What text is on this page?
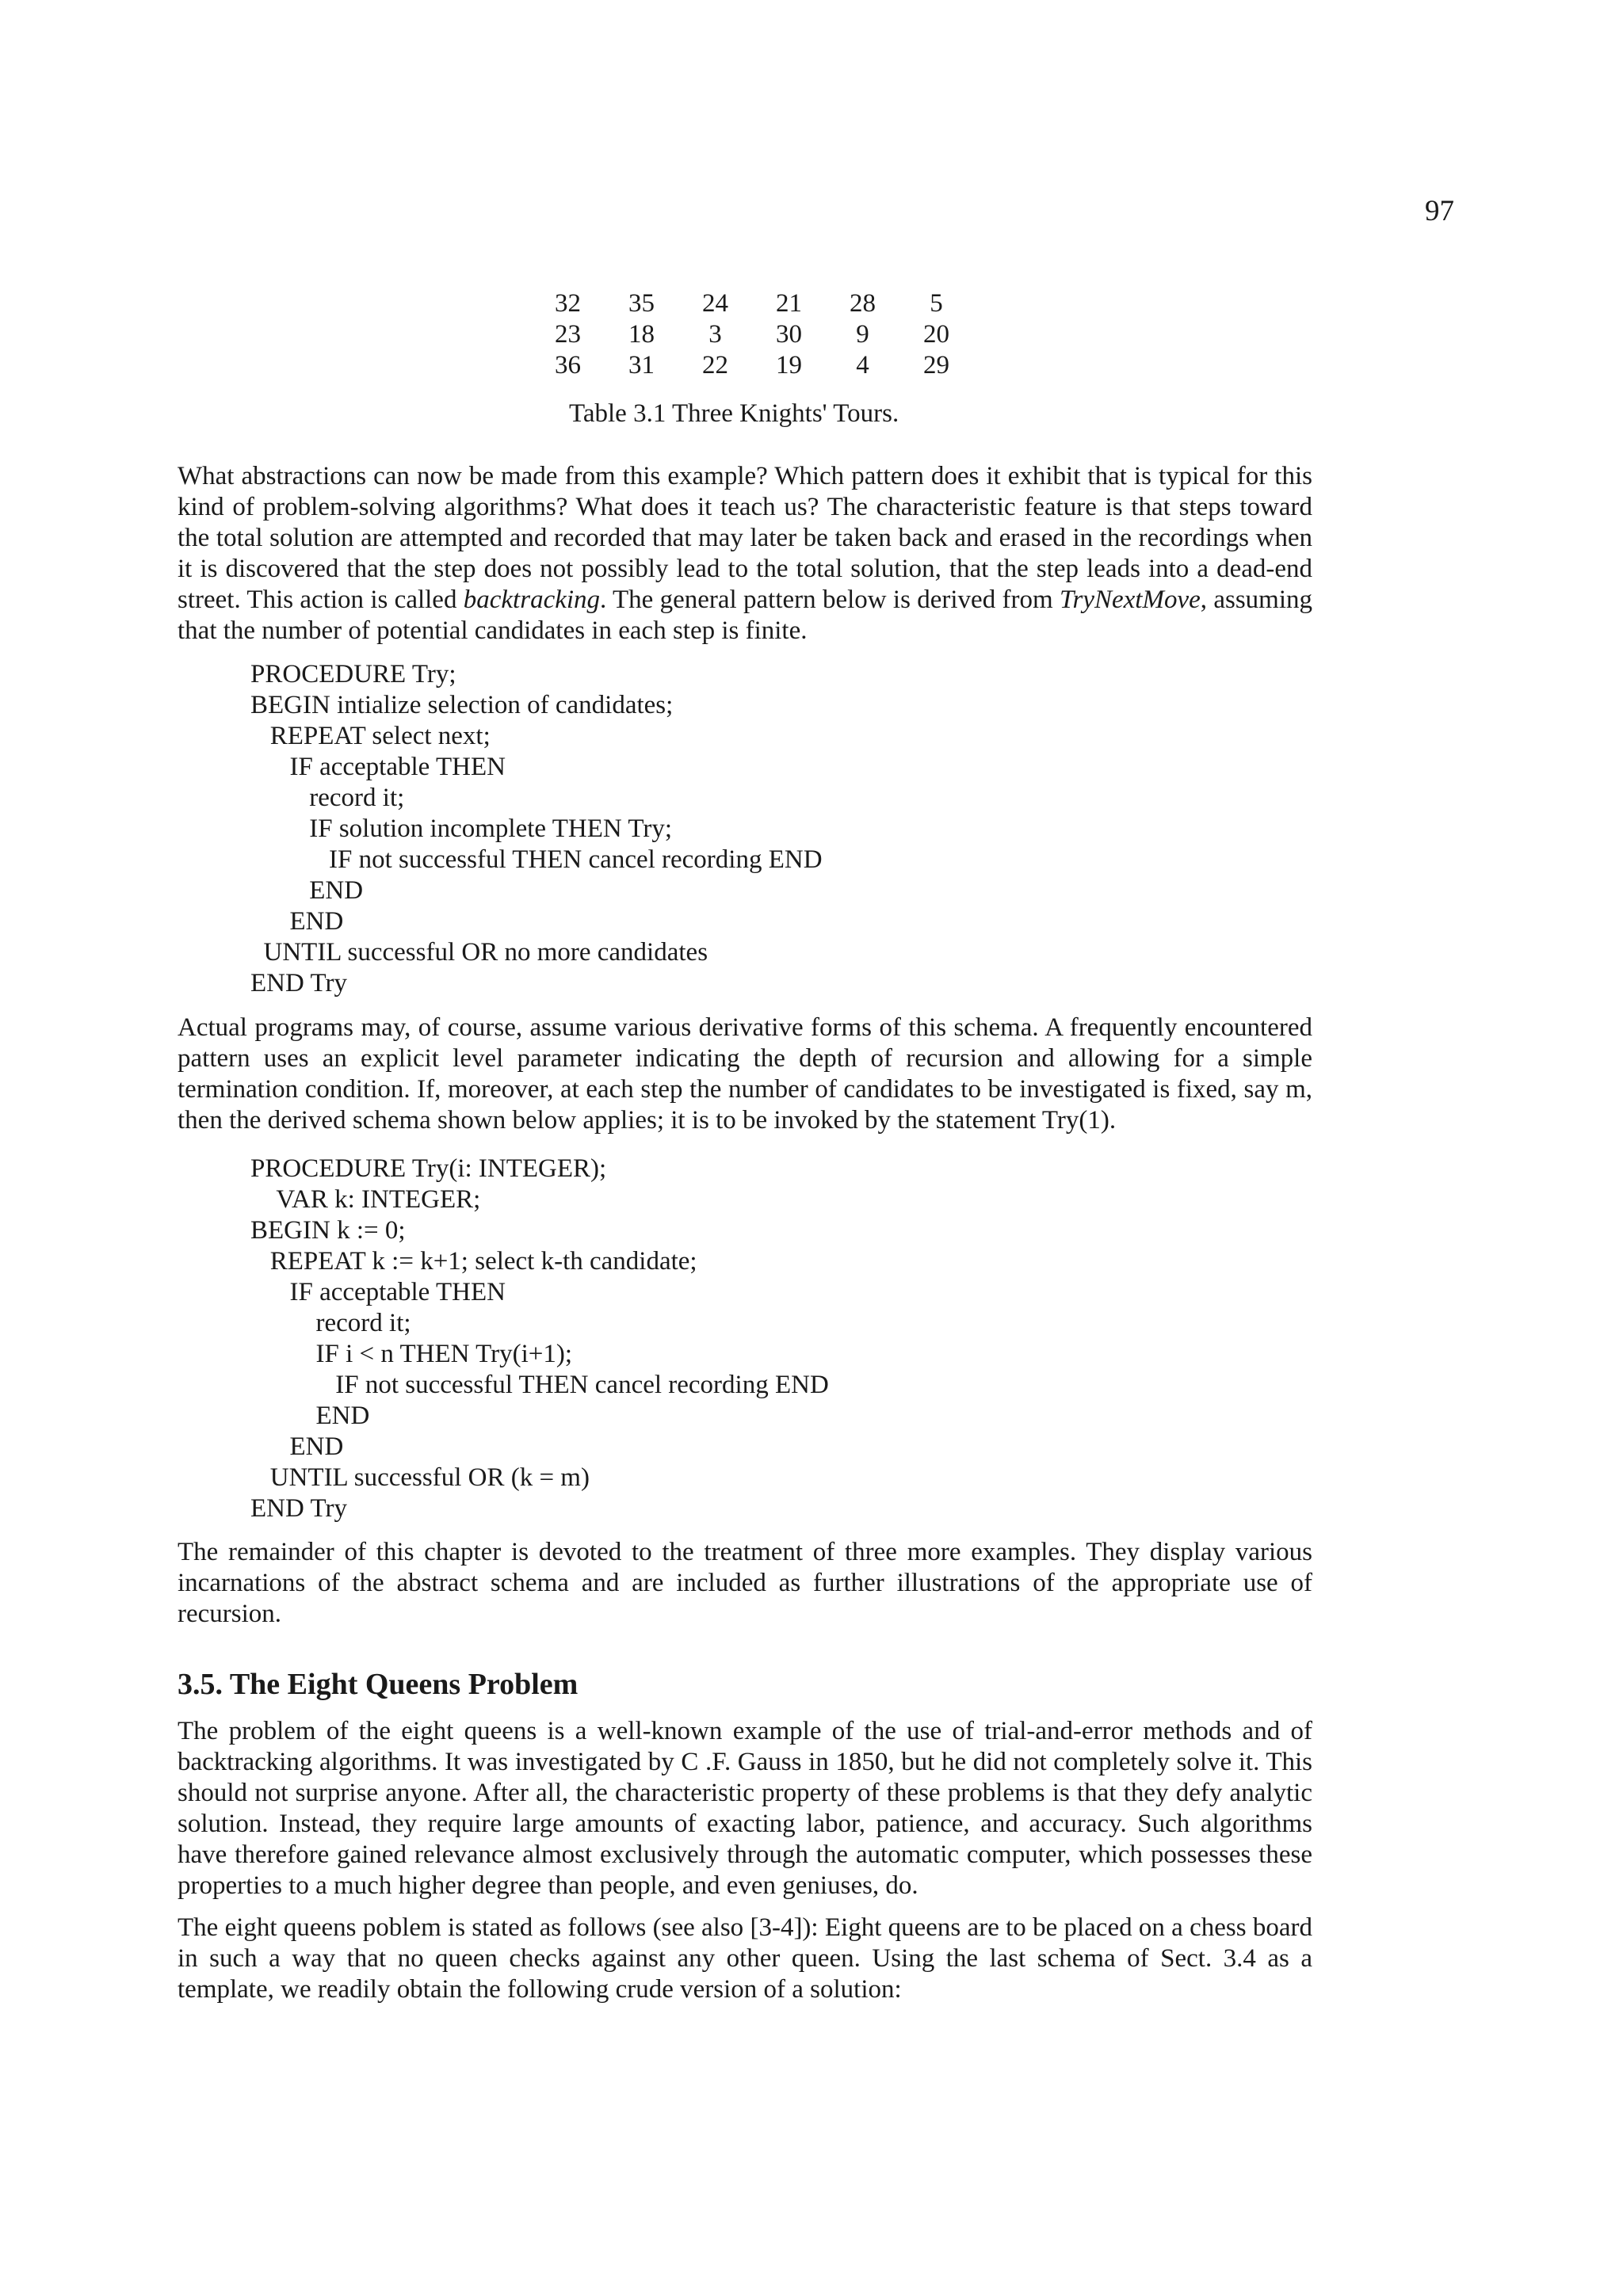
97
32	35	24	21	28	5
23	18	3	30	9	20
36	31	22	19	4	29
Table 3.1 Three Knights' Tours.

What abstractions can now be made from this example? Which pattern does it exhibit that is typical for this kind of problem-solving algorithms? What does it teach us? The characteristic feature is that steps toward the total solution are attempted and recorded that may later be taken back and erased in the recordings when it is discovered that the step does not possibly lead to the total solution, that the step leads into a dead-end street. This action is called backtracking. The general pattern below is derived from TryNextMove, assuming that the number of potential candidates in each step is finite.

PROCEDURE Try;
BEGIN intialize selection of candidates;
REPEAT select next;
IF acceptable THEN
record it;
IF solution incomplete THEN Try;
IF not successful THEN cancel recording END
END
END
UNTIL successful OR no more candidates
END Try

Actual programs may, of course, assume various derivative forms of this schema. A frequently encountered pattern uses an explicit level parameter indicating the depth of recursion and allowing for a simple termination condition. If, moreover, at each step the number of candidates to be investigated is fixed, say m, then the derived schema shown below applies; it is to be invoked by the statement Try(1).

PROCEDURE Try(i: INTEGER);
VAR k: INTEGER;
BEGIN k := 0;
REPEAT k := k+1; select k-th candidate;
IF acceptable THEN
record it;
IF i < n THEN Try(i+1);
IF not successful THEN cancel recording END
END
END
UNTIL successful OR (k = m)
END Try

The remainder of this chapter is devoted to the treatment of three more examples. They display various incarnations of the abstract schema and are included as further illustrations of the appropriate use of recursion.

3.5. The Eight Queens Problem

The problem of the eight queens is a well-known example of the use of trial-and-error methods and of backtracking algorithms. It was investigated by C .F. Gauss in 1850, but he did not completely solve it. This should not surprise anyone. After all, the characteristic property of these problems is that they defy analytic solution. Instead, they require large amounts of exacting labor, patience, and accuracy. Such algorithms have therefore gained relevance almost exclusively through the automatic computer, which possesses these properties to a much higher degree than people, and even geniuses, do.

The eight queens poblem is stated as follows (see also [3-4]): Eight queens are to be placed on a chess board in such a way that no queen checks against any other queen. Using the last schema of Sect. 3.4 as a template, we readily obtain the following crude version of a solution:
